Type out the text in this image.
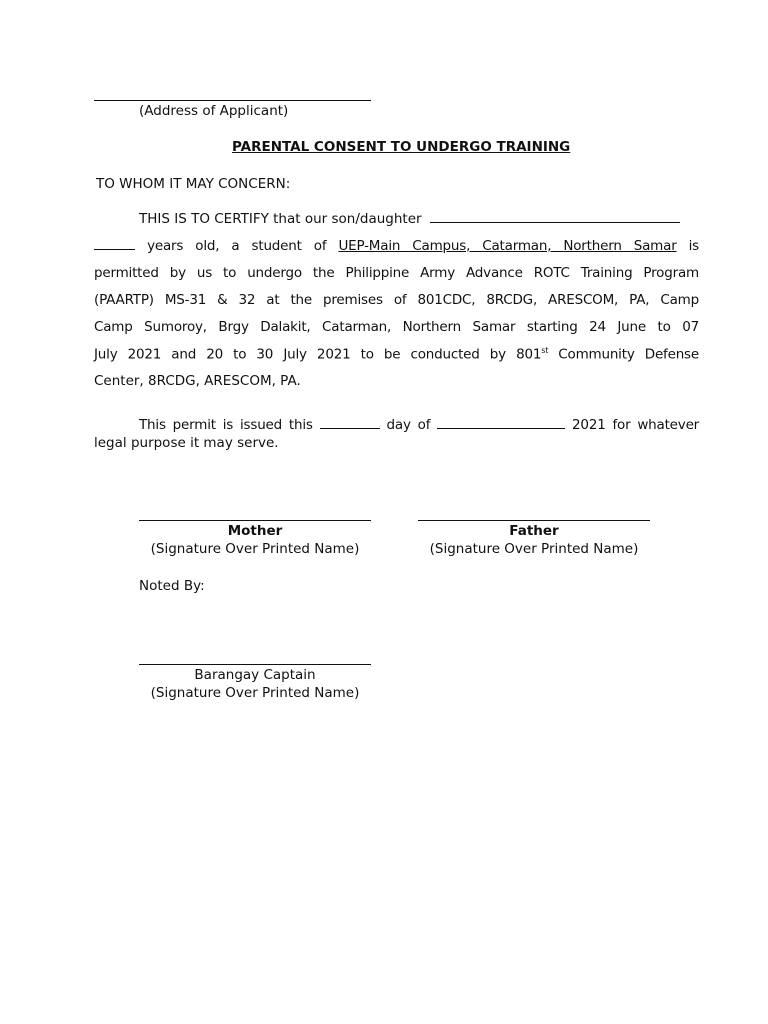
(Address of Applicant)
PARENTAL CONSENT TO UNDERGO TRAINING
TO WHOM IT MAY CONCERN:
THIS IS TO CERTIFY that our son/daughter
years old, a student of UEP-Main Campus, Catarman, Northern Samar is
permitted by us to undergo the Philippine Army Advance ROTC Training Program
(PAARTP) MS-31 & 32 at the premises of 801CDC, 8RCDG, ARESCOM, PA, Camp
Camp Sumoroy, Brgy Dalakit, Catarman, Northern Samar starting 24 June to 07
July 2021 and 20 to 30 July 2021 to be conducted by 801st Community Defense
Center, 8RCDG, ARESCOM, PA.
This permit is issued this	day of	2021 for whatever
legal purpose it may serve.
Mother
(Signature Over Printed Name)
Father
(Signature Over Printed Name)
Noted By:
Barangay Captain
(Signature Over Printed Name)
